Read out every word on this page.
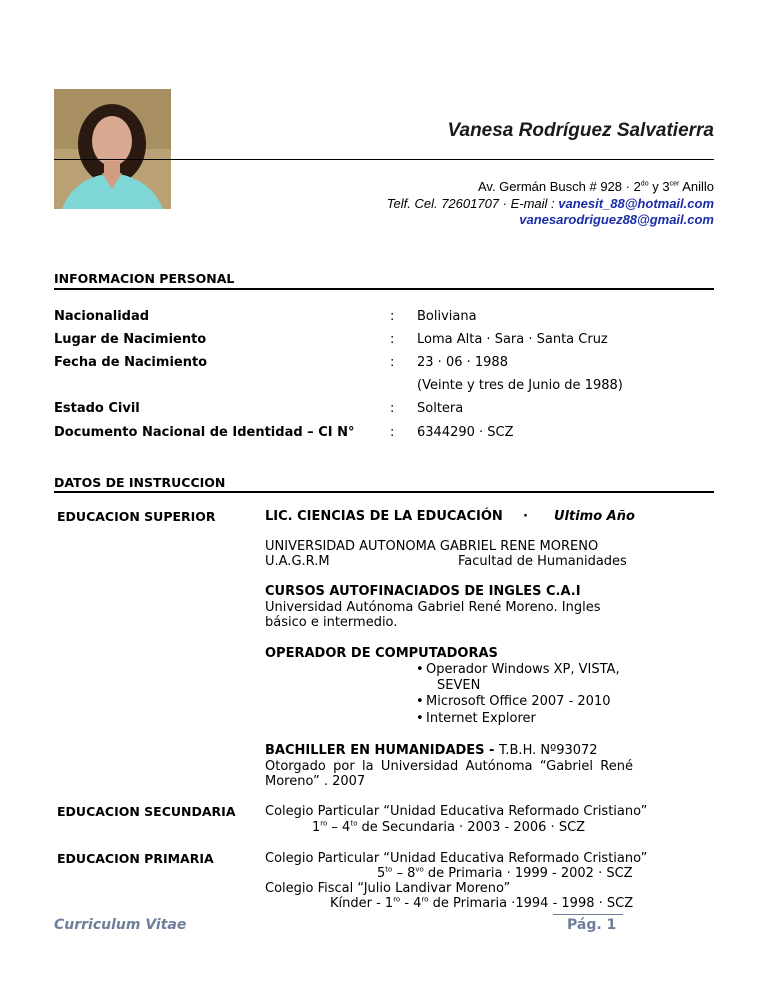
Vanesa Rodríguez Salvatierra
Av. Germán Busch # $928 \cdot 2^{do}$ y $3^{cer}$ Anillo
Telf. Cel. 72601707 · E-mail : vanesit_88@hotmail.com
vanesarodriguez88@gmail.com
INFORMACION PERSONAL
Nacionalidad	: Boliviana
Lugar de Nacimiento	: Loma Alta · Sara · Santa Cruz
Fecha de Nacimiento	: 23 · 06 · 1988
(Veinte y tres de Junio de 1988)
Estado Civil	: Soltera
Documento Nacional de Identidad – CI N°	: 6344290 · SCZ
DATOS DE INSTRUCCION
EDUCACION SUPERIOR	LIC. CIENCIAS DE LA EDUCACIÓN · Ultimo Año
UNIVERSIDAD AUTONOMA GABRIEL RENE MORENO
U.A.G.R.M	Facultad de Humanidades
CURSOS AUTOFINACIADOS DE INGLES C.A.I
Universidad Autónoma Gabriel René Moreno. Ingles
básico e intermedio.
OPERADOR DE COMPUTADORAS
• Operador Windows XP, VISTA,
SEVEN
• Microsoft Office 2007 - 2010
• Internet Explorer
BACHILLER EN HUMANIDADES - T.B.H. Nº93072
Otorgado por la Universidad Autónoma “Gabriel René
Moreno” . 2007
EDUCACION SECUNDARIA Colegio Particular “Unidad Educativa Reformado Cristiano”
$1^{ro} - 4^{to}$ de Secundaria · 2003 - 2006 · SCZ
EDUCACION PRIMARIA	Colegio Particular “Unidad Educativa Reformado Cristiano”
$5^{to} - 8^{vo}$ de Primaria · 1999 - 2002 · SCZ
Colegio Fiscal “Julio Landivar Moreno”
Kínder - $1^{ro} - 4^{ro}$ de Primaria ·1994 - 1998 · SCZ
Curriculum Vitae	Pág. 1
